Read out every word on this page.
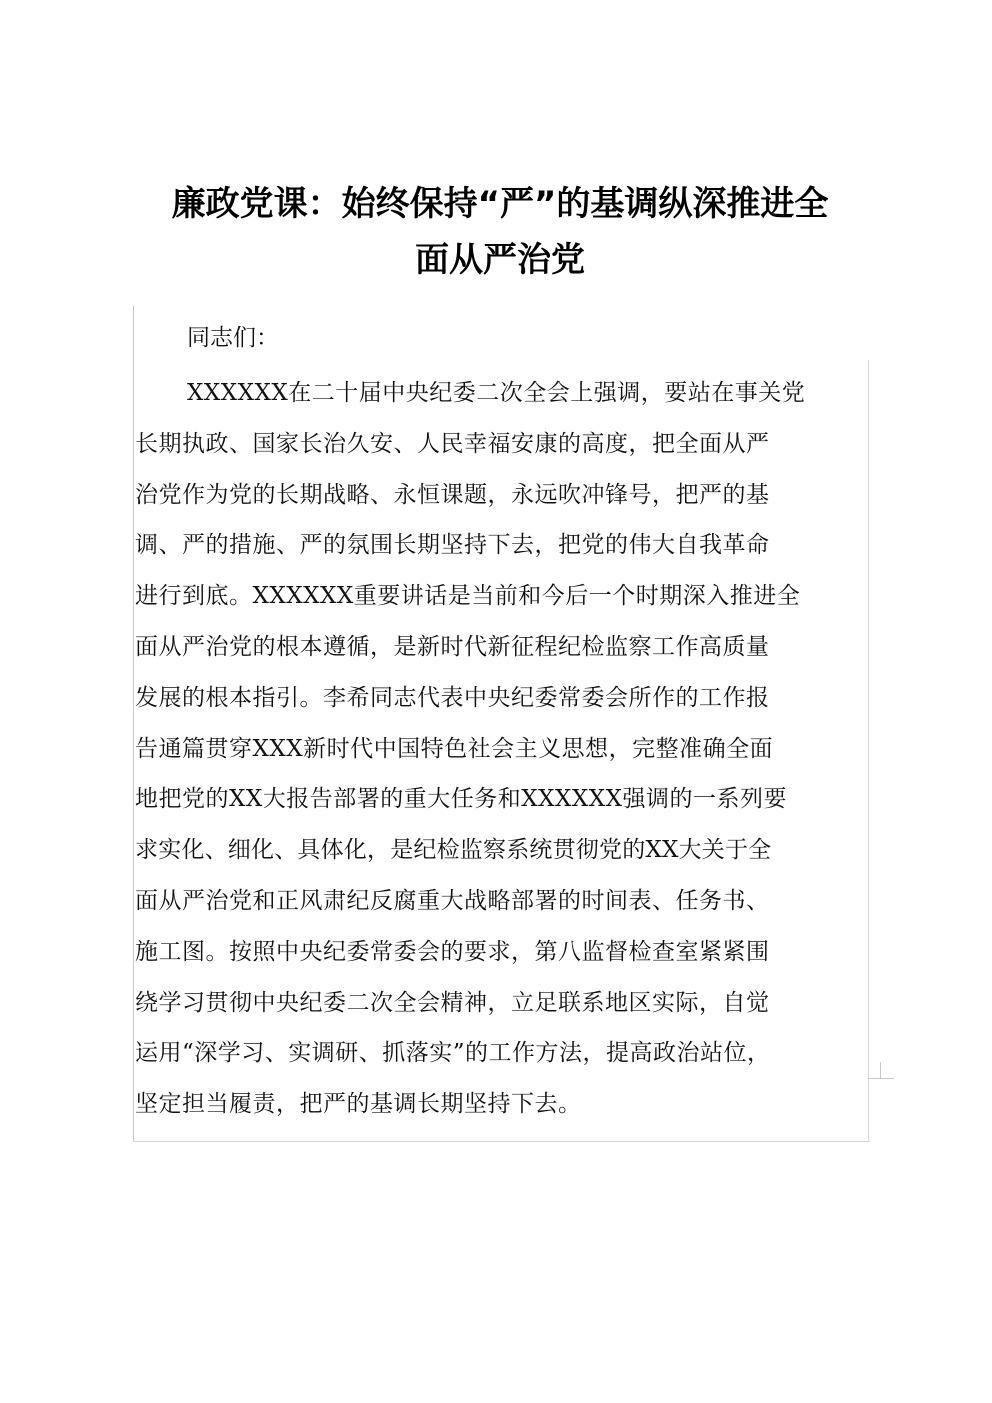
廉政党课：始终保持“严”的基调纵深推进全
面从严治党
同志们：
XXXXXX在二十届中央纪委二次全会上强调，要站在事关党
长期执政、国家长治久安、人民幸福安康的高度，把全面从严
治党作为党的长期战略、永恒课题，永远吹冲锋号，把严的基
调、严的措施、严的氛围长期坚持下去，把党的伟大自我革命
进行到底。XXXXXX重要讲话是当前和今后一个时期深入推进全
面从严治党的根本遵循，是新时代新征程纪检监察工作高质量
发展的根本指引。李希同志代表中央纪委常委会所作的工作报
告通篇贯穿XXX新时代中国特色社会主义思想，完整准确全面
地把党的XX大报告部署的重大任务和XXXXXX强调的一系列要
求实化、细化、具体化，是纪检监察系统贯彻党的XX大关于全
面从严治党和正风肃纪反腐重大战略部署的时间表、任务书、
施工图。按照中央纪委常委会的要求，第八监督检查室紧紧围
绕学习贯彻中央纪委二次全会精神，立足联系地区实际，自觉
运用“深学习、实调研、抓落实”的工作方法，提高政治站位，
坚定担当履责，把严的基调长期坚持下去。
